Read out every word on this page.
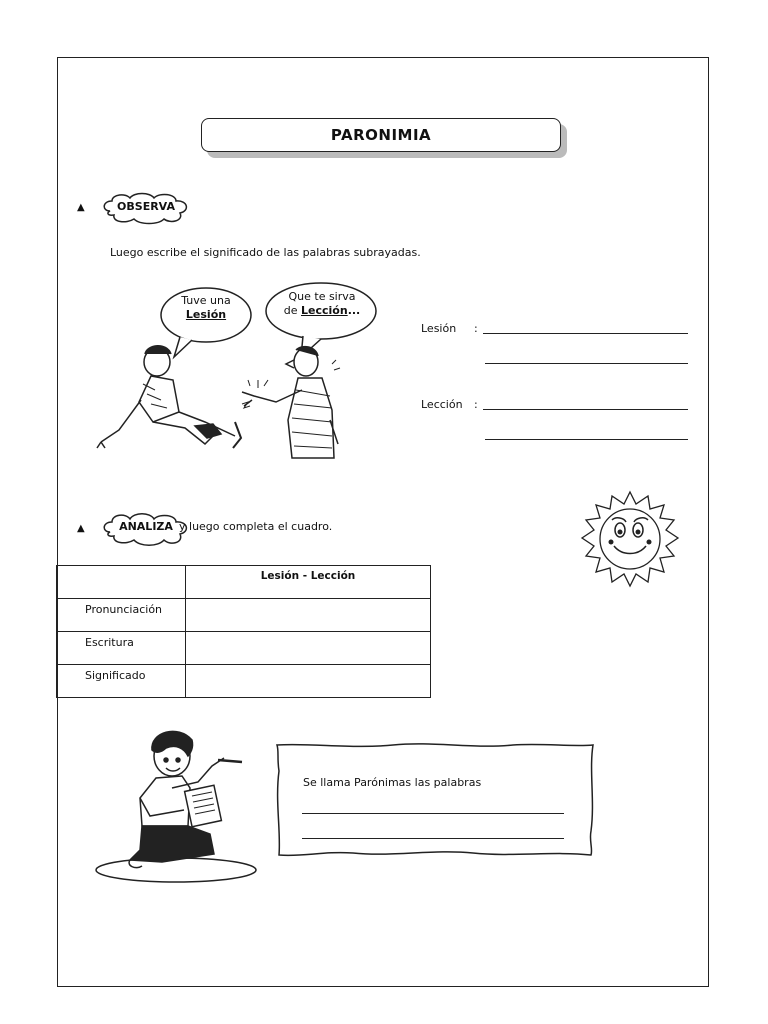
PARONIMIA
▲	OBSERVA
Luego escribe el significado de las palabras subrayadas.
Tuve una
Lesión
Que te sirva
de Lección...
Lesión :
Lección :
▲	ANALIZA y luego completa el cuadro.
	Lesión - Lección
Pronunciación	
Escritura	
Significado	
Se llama Parónimas las palabras
